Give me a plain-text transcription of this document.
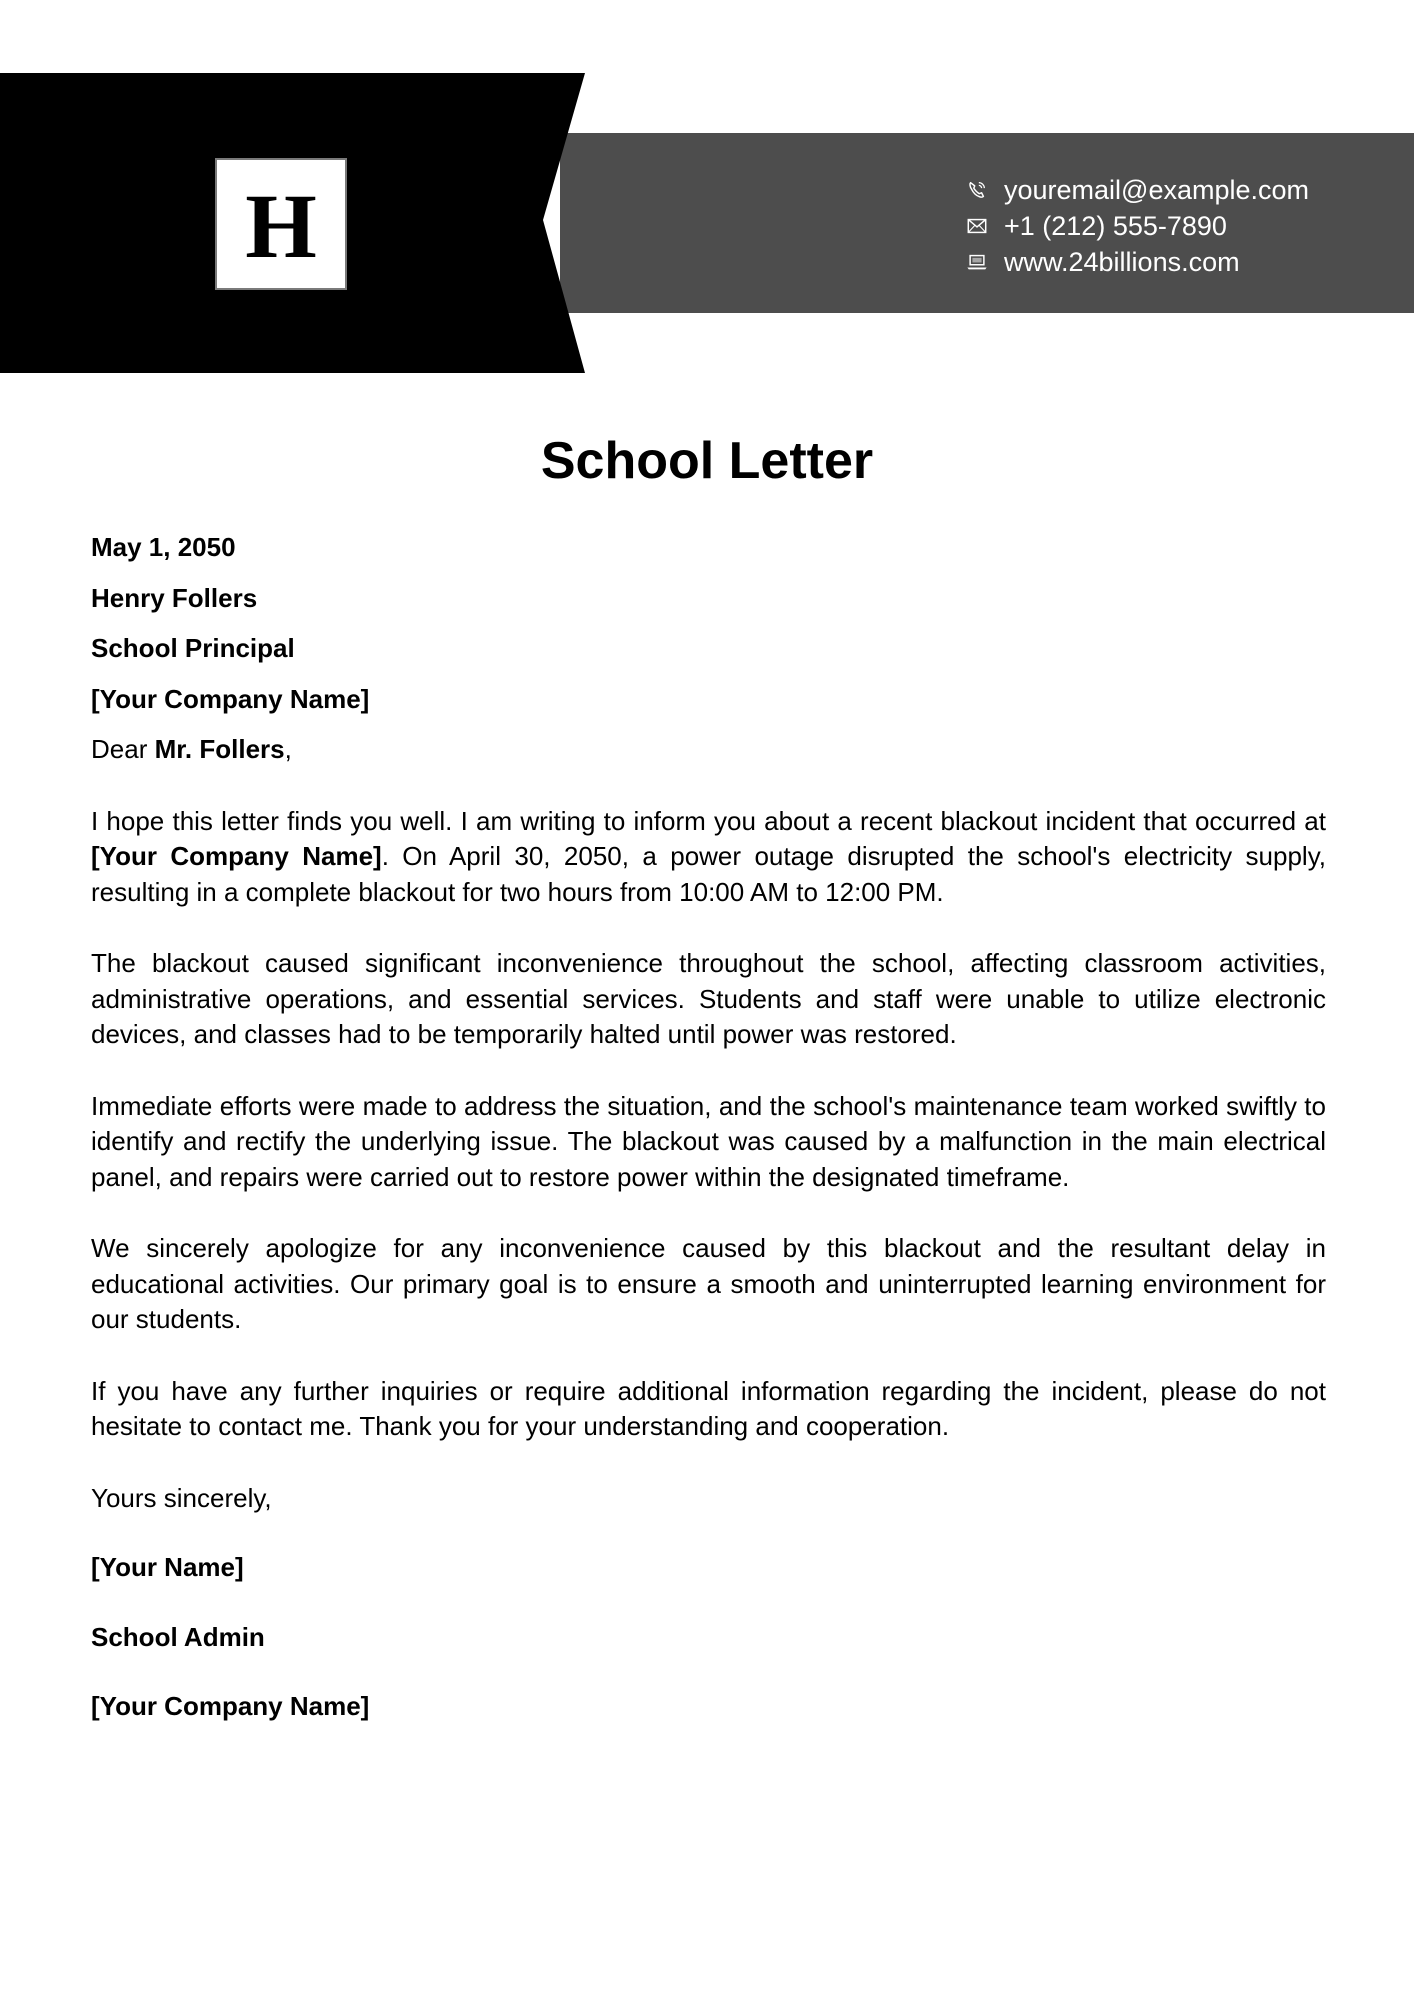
H	youremail@example.com
+1 (212) 555-7890
www.24billions.com
School Letter
May 1, 2050
Henry Follers
School Principal
[Your Company Name]
Dear Mr. Follers,

I hope this letter finds you well. I am writing to inform you about a recent blackout incident that occurred at [Your Company Name]. On April 30, 2050, a power outage disrupted the school's electricity supply, resulting in a complete blackout for two hours from 10:00 AM to 12:00 PM.

The blackout caused significant inconvenience throughout the school, affecting classroom activities, administrative operations, and essential services. Students and staff were unable to utilize electronic devices, and classes had to be temporarily halted until power was restored.

Immediate efforts were made to address the situation, and the school's maintenance team worked swiftly to identify and rectify the underlying issue. The blackout was caused by a malfunction in the main electrical panel, and repairs were carried out to restore power within the designated timeframe.

We sincerely apologize for any inconvenience caused by this blackout and the resultant delay in educational activities. Our primary goal is to ensure a smooth and uninterrupted learning environment for our students.

If you have any further inquiries or require additional information regarding the incident, please do not hesitate to contact me. Thank you for your understanding and cooperation.

Yours sincerely,
[Your Name]
School Admin
[Your Company Name]
